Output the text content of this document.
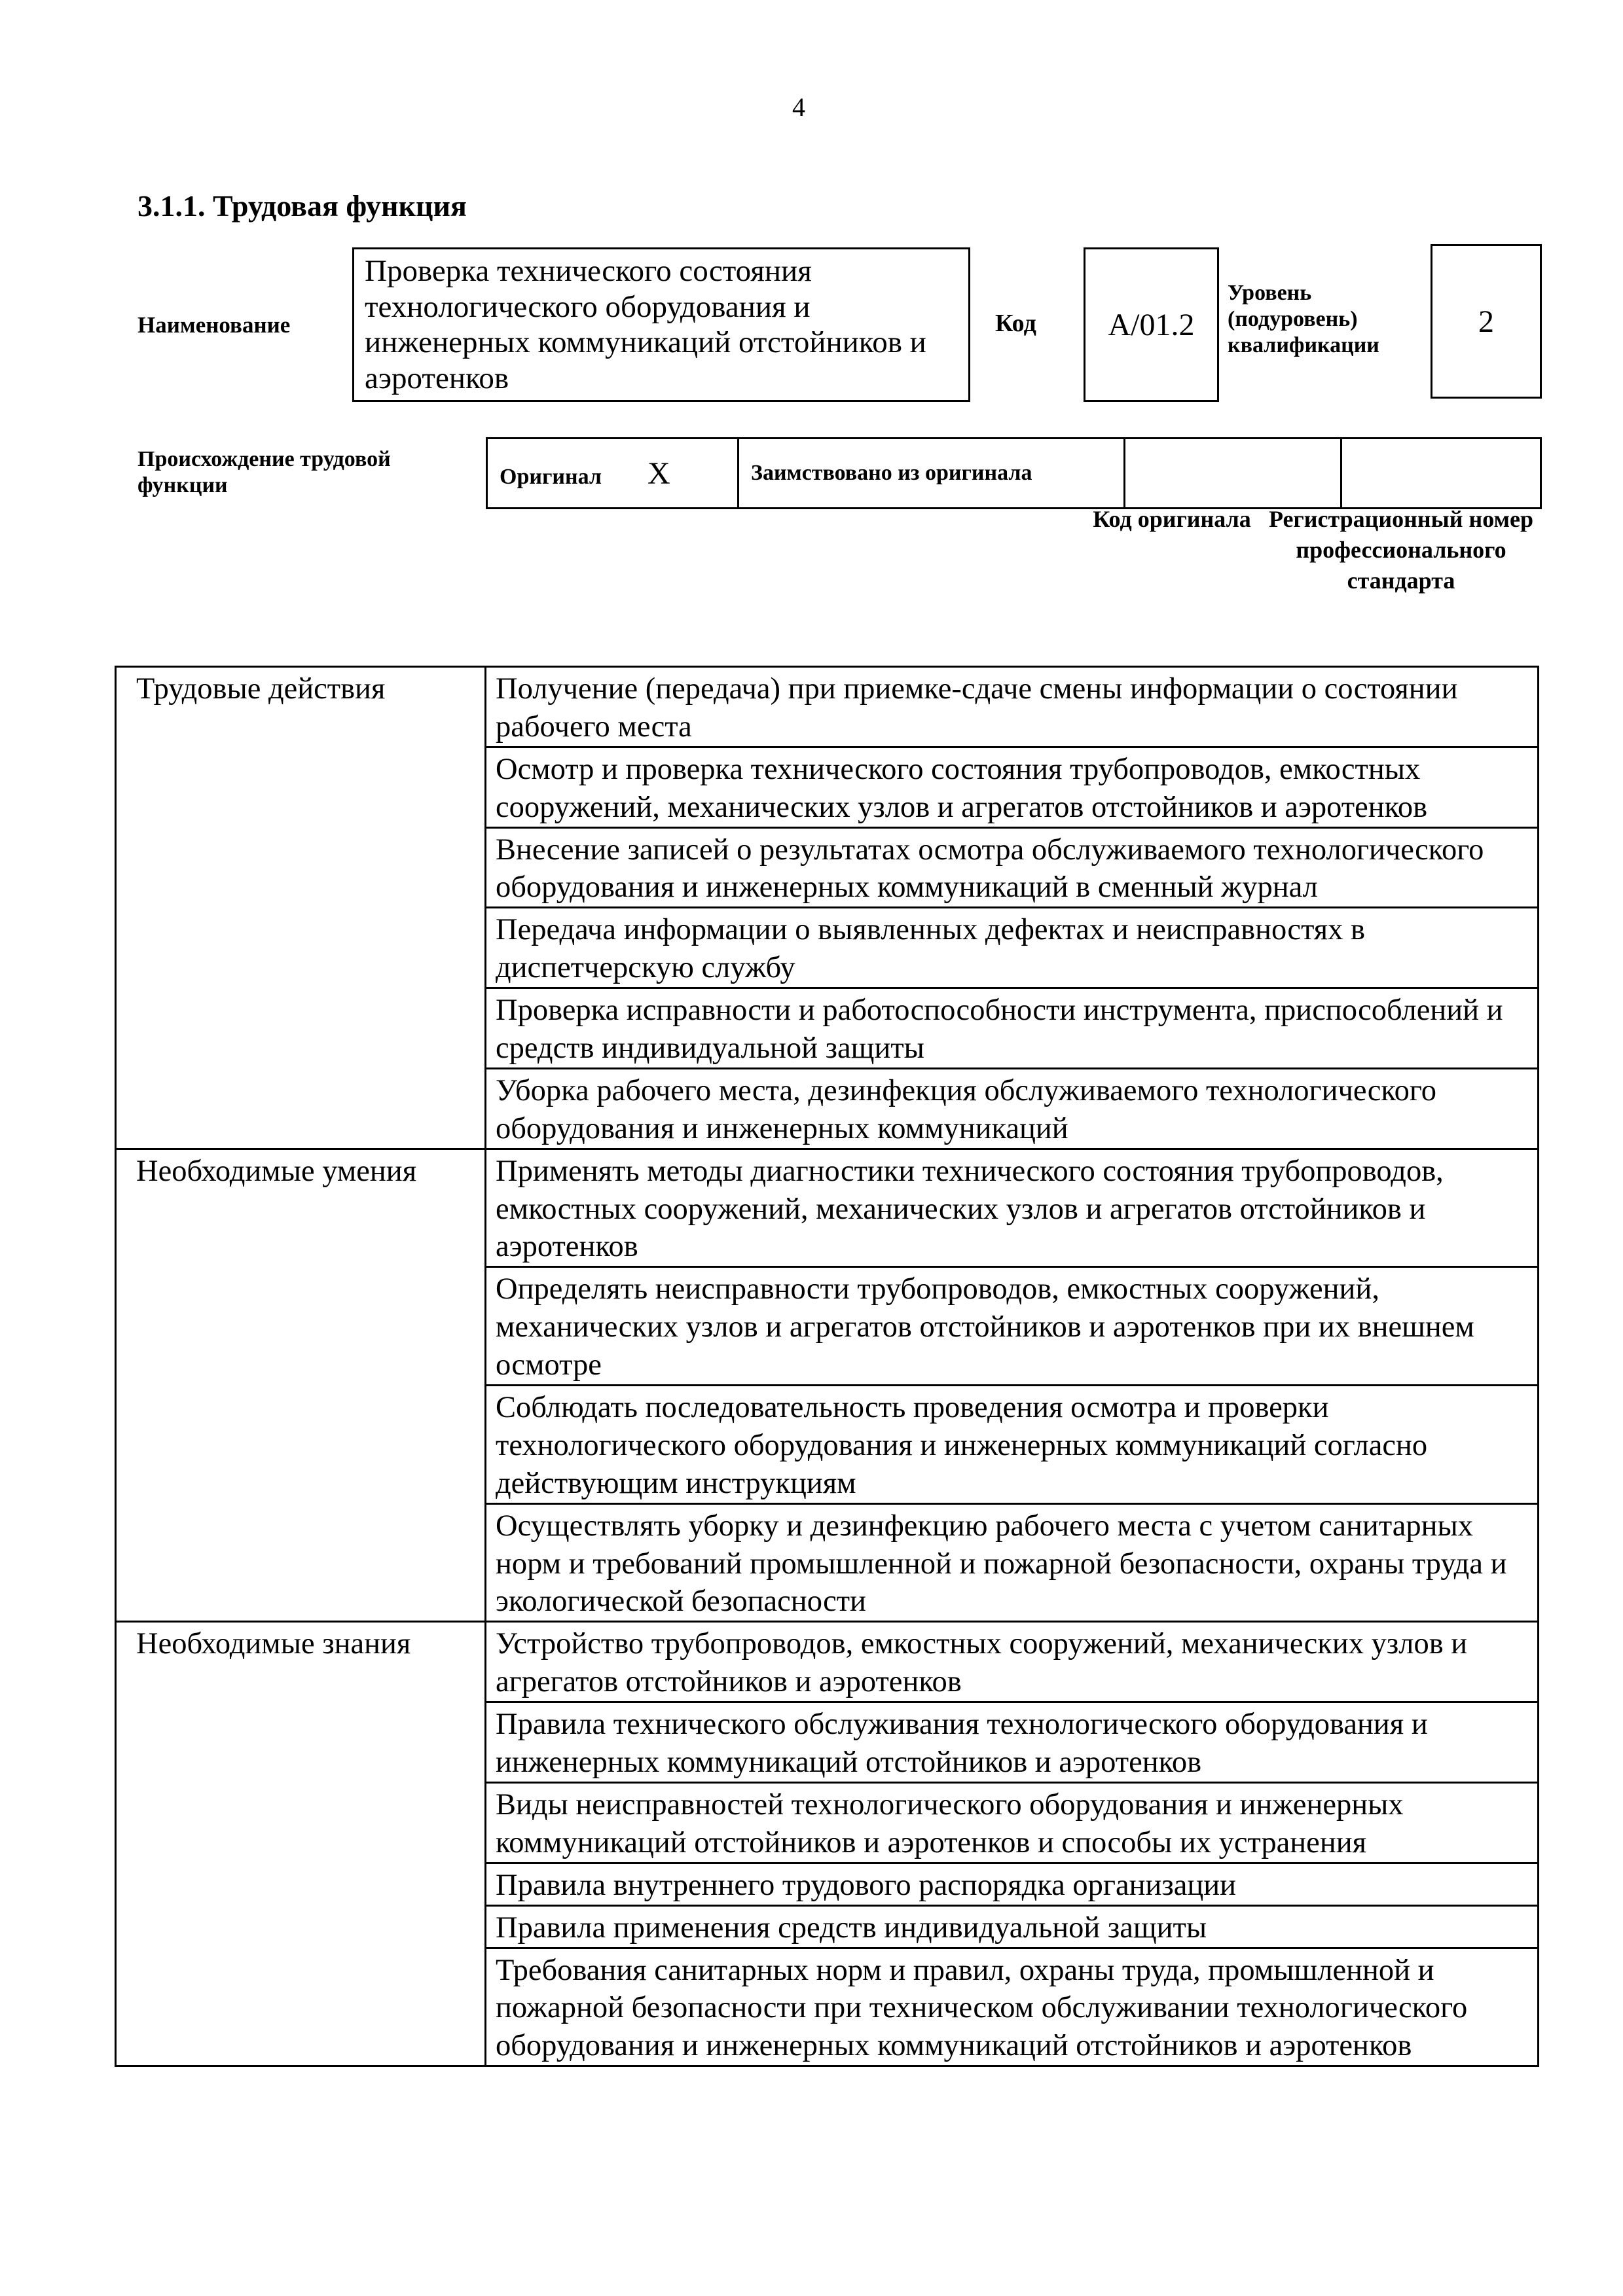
4
3.1.1. Трудовая функция
Наименование
Проверка технического состояния технологического оборудования и инженерных коммуникаций отстойников и аэротенков
Код	A/01.2
Уровень (подуровень) квалификации
2
Происхождение трудовой функции	Оригинал X	Заимствовано из оригинала		
Код оригинала Регистрационный номер профессионального стандарта
Трудовые действия	Получение (передача) при приемке-сдаче смены информации о состоянии рабочего места
	Осмотр и проверка технического состояния трубопроводов, емкостных сооружений, механических узлов и агрегатов отстойников и аэротенков
	Внесение записей о результатах осмотра обслуживаемого технологического оборудования и инженерных коммуникаций в сменный журнал
	Передача информации о выявленных дефектах и неисправностях в диспетчерскую службу
	Проверка исправности и работоспособности инструмента, приспособлений и средств индивидуальной защиты
	Уборка рабочего места, дезинфекция обслуживаемого технологического оборудования и инженерных коммуникаций
Необходимые умения	Применять методы диагностики технического состояния трубопроводов, емкостных сооружений, механических узлов и агрегатов отстойников и аэротенков
	Определять неисправности трубопроводов, емкостных сооружений, механических узлов и агрегатов отстойников и аэротенков при их внешнем осмотре
	Соблюдать последовательность проведения осмотра и проверки технологического оборудования и инженерных коммуникаций согласно действующим инструкциям
	Осуществлять уборку и дезинфекцию рабочего места с учетом санитарных норм и требований промышленной и пожарной безопасности, охраны труда и экологической безопасности
Необходимые знания	Устройство трубопроводов, емкостных сооружений, механических узлов и агрегатов отстойников и аэротенков
	Правила технического обслуживания технологического оборудования и инженерных коммуникаций отстойников и аэротенков
	Виды неисправностей технологического оборудования и инженерных коммуникаций отстойников и аэротенков и способы их устранения
	Правила внутреннего трудового распорядка организации
	Правила применения средств индивидуальной защиты
	Требования санитарных норм и правил, охраны труда, промышленной и пожарной безопасности при техническом обслуживании технологического оборудования и инженерных коммуникаций отстойников и аэротенков
